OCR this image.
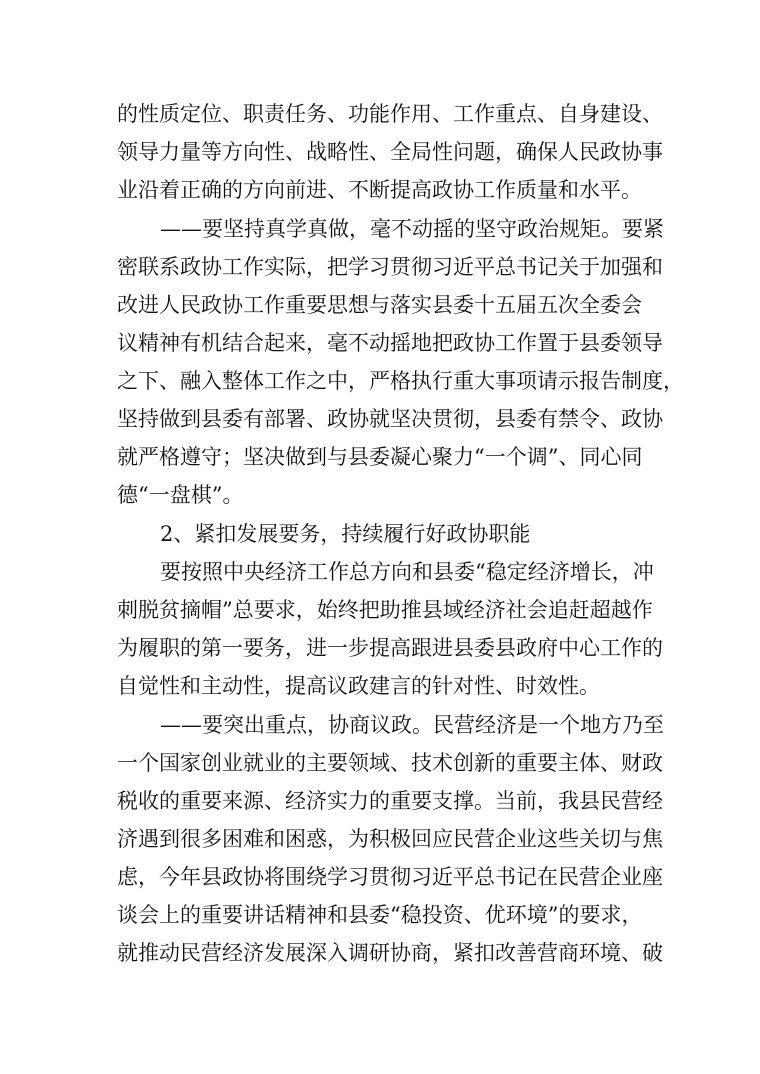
的性质定位、职责任务、功能作用、工作重点、自身建设、
领导力量等方向性、战略性、全局性问题，确保人民政协事
业沿着正确的方向前进、不断提高政协工作质量和水平。
——要坚持真学真做，毫不动摇的坚守政治规矩。要紧
密联系政协工作实际，把学习贯彻习近平总书记关于加强和
改进人民政协工作重要思想与落实县委十五届五次全委会
议精神有机结合起来，毫不动摇地把政协工作置于县委领导
之下、融入整体工作之中，严格执行重大事项请示报告制度，
坚持做到县委有部署、政协就坚决贯彻，县委有禁令、政协
就严格遵守；坚决做到与县委凝心聚力“一个调”、同心同
德“一盘棋”。
2、紧扣发展要务，持续履行好政协职能
要按照中央经济工作总方向和县委“稳定经济增长，冲
刺脱贫摘帽”总要求，始终把助推县域经济社会追赶超越作
为履职的第一要务，进一步提高跟进县委县政府中心工作的
自觉性和主动性，提高议政建言的针对性、时效性。
——要突出重点，协商议政。民营经济是一个地方乃至
一个国家创业就业的主要领域、技术创新的重要主体、财政
税收的重要来源、经济实力的重要支撑。当前，我县民营经
济遇到很多困难和困惑，为积极回应民营企业这些关切与焦
虑，今年县政协将围绕学习贯彻习近平总书记在民营企业座
谈会上的重要讲话精神和县委“稳投资、优环境”的要求，
就推动民营经济发展深入调研协商，紧扣改善营商环境、破
